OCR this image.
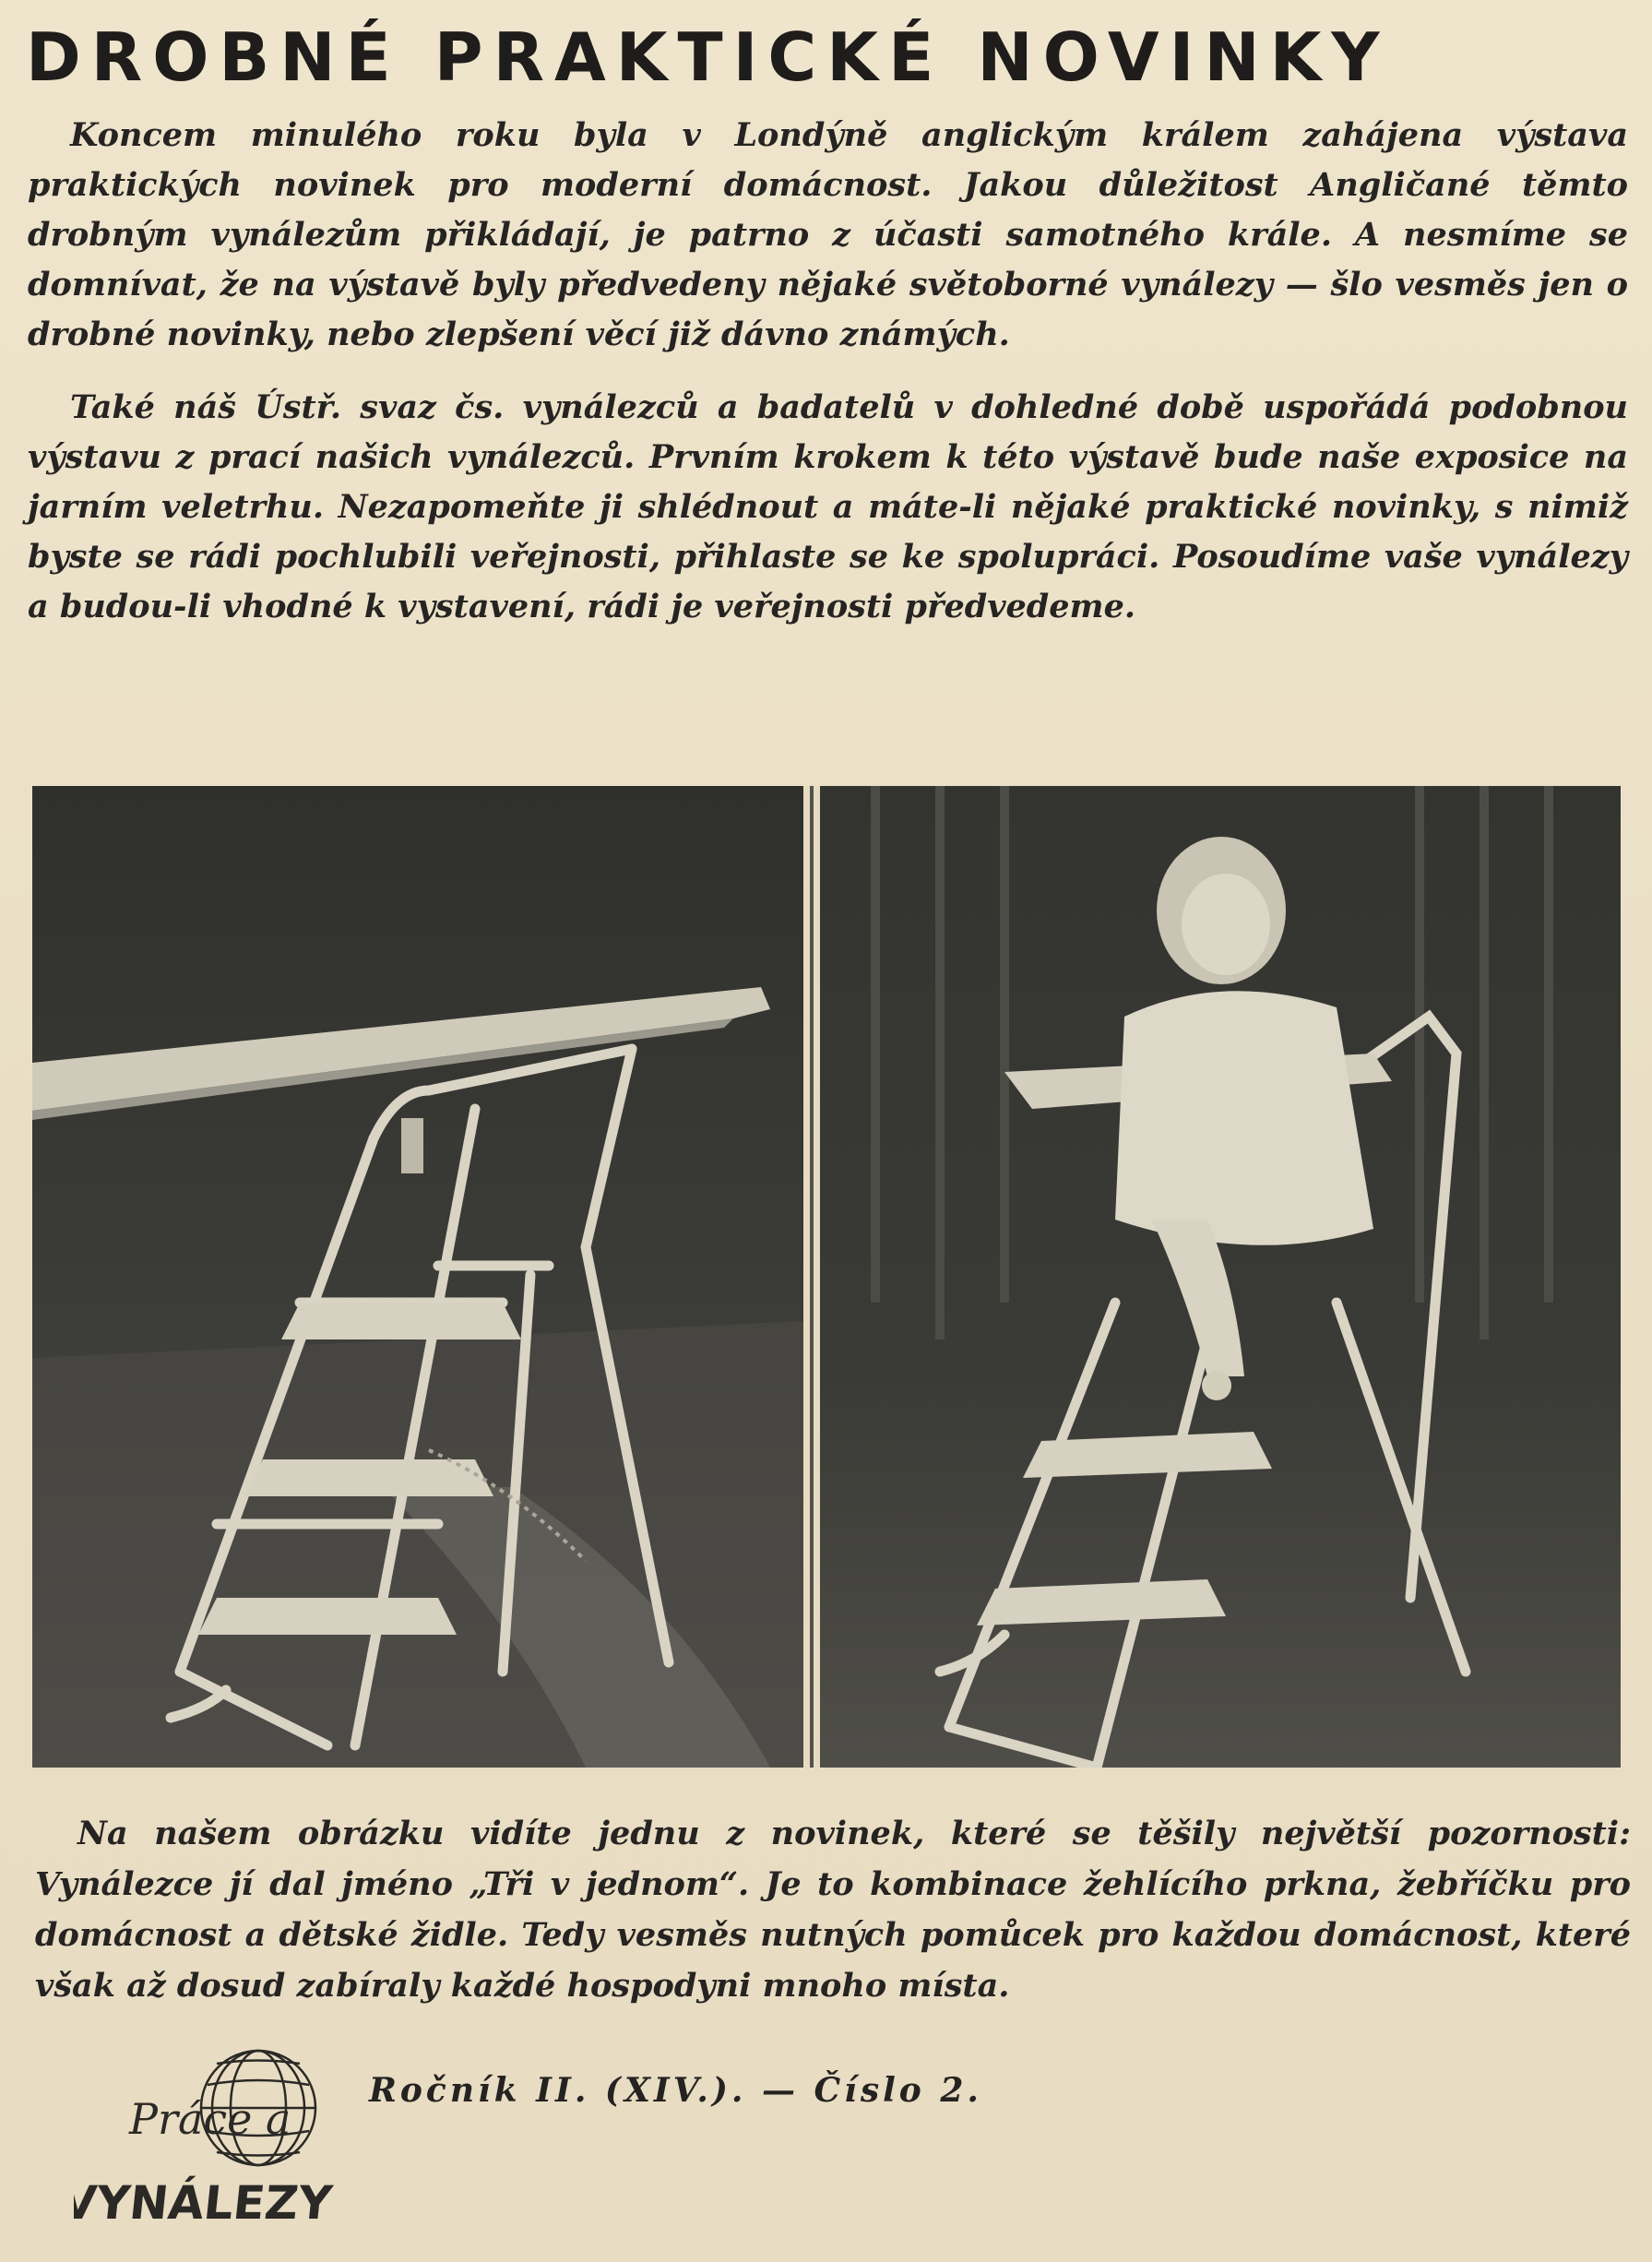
DROBNÉ PRAKTICKÉ NOVINKY

Koncem minulého roku byla v Londýně anglickým králem zahájena výstava praktických novinek pro moderní domácnost. Jakou důležitost Angličané těmto drobným vynálezům přikládají, je patrno z účasti samotného krále. A nesmíme se domnívat, že na výstavě byly předvedeny nějaké světoborné vynálezy — šlo vesměs jen o drobné novinky, nebo zlepšení věcí již dávno známých.

Také náš Ústř. svaz čs. vynálezců a badatelů v dohledné době uspořádá podobnou výstavu z prací našich vynálezců. Prvním krokem k této výstavě bude naše exposice na jarním veletrhu. Nezapomeňte ji shlédnout a máte-li nějaké praktické novinky, s nimiž byste se rádi pochlubili veřejnosti, přihlaste se ke spolupráci. Posoudíme vaše vynálezy a budou-li vhodné k vystavení, rádi je veřejnosti předvedeme.

Na našem obrázku vidíte jednu z novinek, které se těšily největší pozornosti: Vynálezce jí dal jméno „Tři v jednom“. Je to kombinace žehlícího prkna, žebříčku pro domácnost a dětské židle. Tedy vesměs nutných pomůcek pro každou domácnost, které však až dosud zabíraly každé hospodyni mnoho místa.

Práce a
VYNÁLEZY
Ročník II. (XIV.). — Číslo 2.
